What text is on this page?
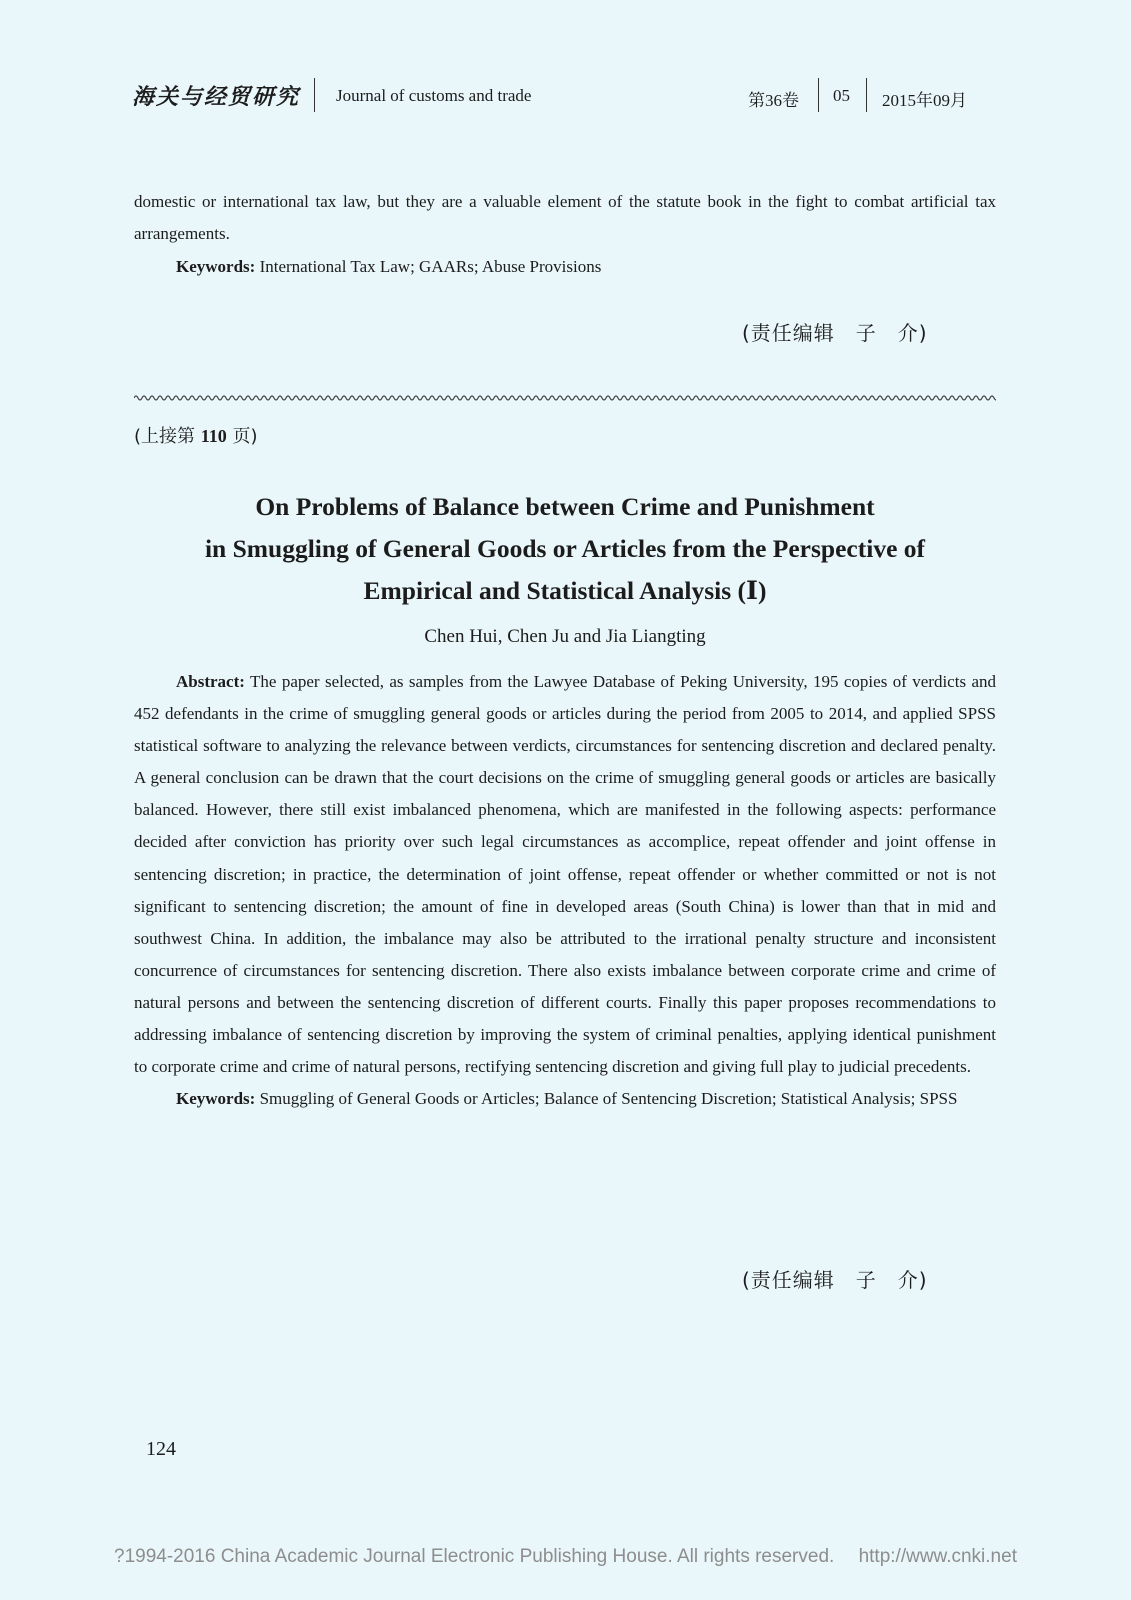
海关与经贸研究 Journal of customs and trade	第36卷 05 2015年09月
domestic or international tax law, but they are a valuable element of the statute book in the fight to combat artificial tax arrangements.
Keywords: International Tax Law; GAARs; Abuse Provisions
(责任编辑　子　介)
(上接第 110 页)
On Problems of Balance between Crime and Punishment
in Smuggling of General Goods or Articles from the Perspective of
Empirical and Statistical Analysis (Ⅰ)
Chen Hui, Chen Ju and Jia Liangting
Abstract: The paper selected, as samples from the Lawyee Database of Peking University, 195 copies of verdicts and 452 defendants in the crime of smuggling general goods or articles during the period from 2005 to 2014, and applied SPSS statistical software to analyzing the relevance between verdicts, circumstances for sentencing discretion and declared penalty. A general conclusion can be drawn that the court decisions on the crime of smuggling general goods or articles are basically balanced. However, there still exist imbalanced phenomena, which are manifested in the following aspects: performance decided after conviction has priority over such legal circumstances as accomplice, repeat offender and joint offense in sentencing discretion; in practice, the determination of joint offense, repeat offender or whether committed or not is not significant to sentencing discretion; the amount of fine in developed areas (South China) is lower than that in mid and southwest China. In addition, the imbalance may also be attributed to the irrational penalty structure and inconsistent concurrence of circumstances for sentencing discretion. There also exists imbalance between corporate crime and crime of natural persons and between the sentencing discretion of different courts. Finally this paper proposes recommendations to addressing imbalance of sentencing discretion by improving the system of criminal penalties, applying identical punishment to corporate crime and crime of natural persons, rectifying sentencing discretion and giving full play to judicial precedents.
Keywords: Smuggling of General Goods or Articles; Balance of Sentencing Discretion; Statistical Analysis; SPSS
(责任编辑　子　介)
124
?1994-2016 China Academic Journal Electronic Publishing House. All rights reserved.　 http://www.cnki.net
